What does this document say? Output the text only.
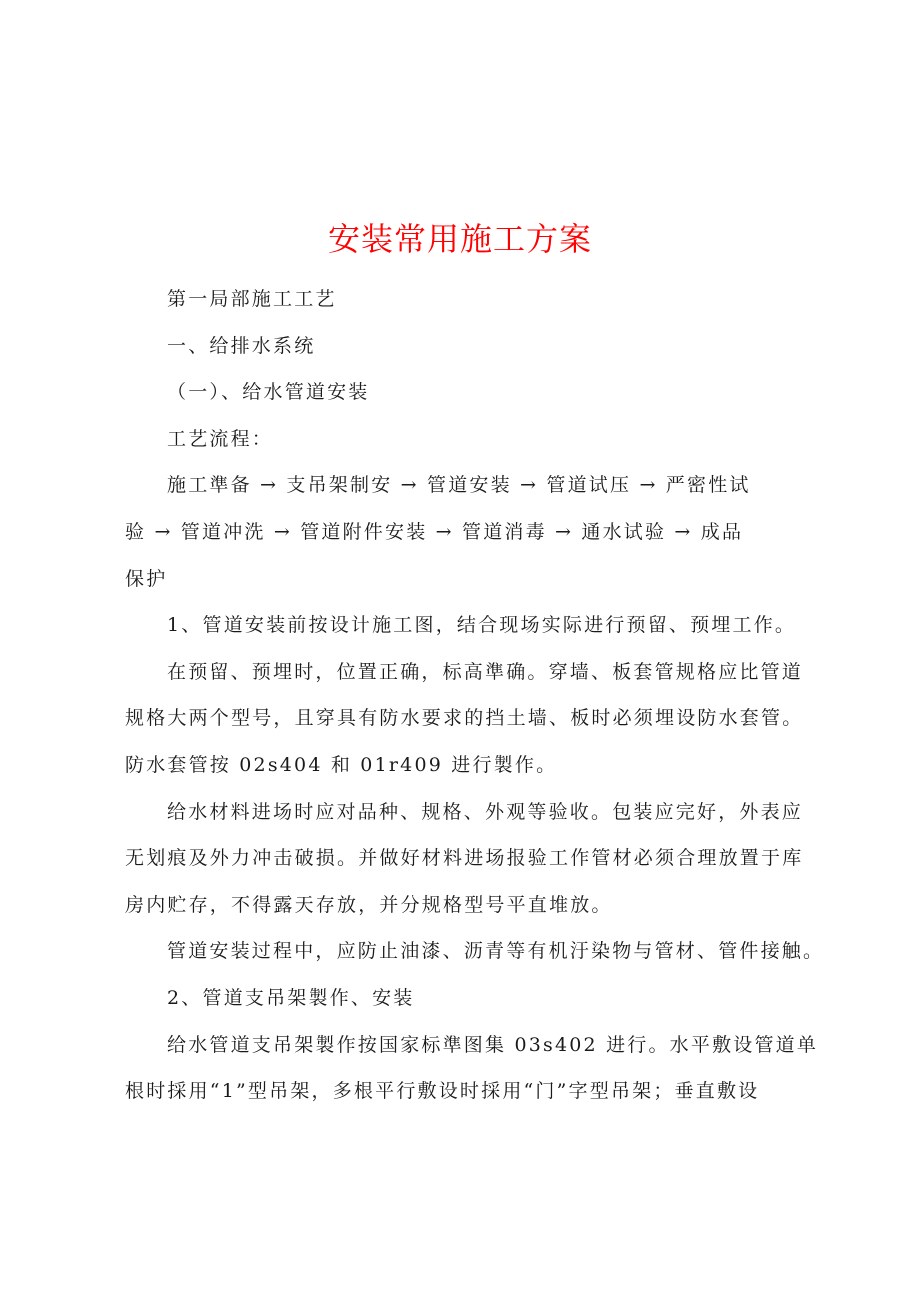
安装常用施工方案
第一局部施工工艺
一、给排水系统
（一）、给水管道安装
工艺流程：
施工準备 → 支吊架制安 → 管道安装 → 管道试压 → 严密性试
验 → 管道冲洗 → 管道附件安装 → 管道消毒 → 通水试验 → 成品
保护
1、管道安装前按设计施工图，结合现场实际进行预留、预埋工作。
在预留、预埋时，位置正确，标高準确。穿墙、板套管规格应比管道
规格大两个型号，且穿具有防水要求的挡土墙、板时必须埋设防水套管。
防水套管按 02s404 和 01r409 进行製作。
给水材料进场时应对品种、规格、外观等验收。包装应完好，外表应
无划痕及外力冲击破损。并做好材料进场报验工作管材必须合理放置于库
房内贮存，不得露天存放，并分规格型号平直堆放。
管道安装过程中，应防止油漆、沥青等有机汙染物与管材、管件接触。
2、管道支吊架製作、安装
给水管道支吊架製作按国家标準图集 03s402 进行。水平敷设管道单
根时採用“1”型吊架，多根平行敷设时採用“门”字型吊架；垂直敷设
